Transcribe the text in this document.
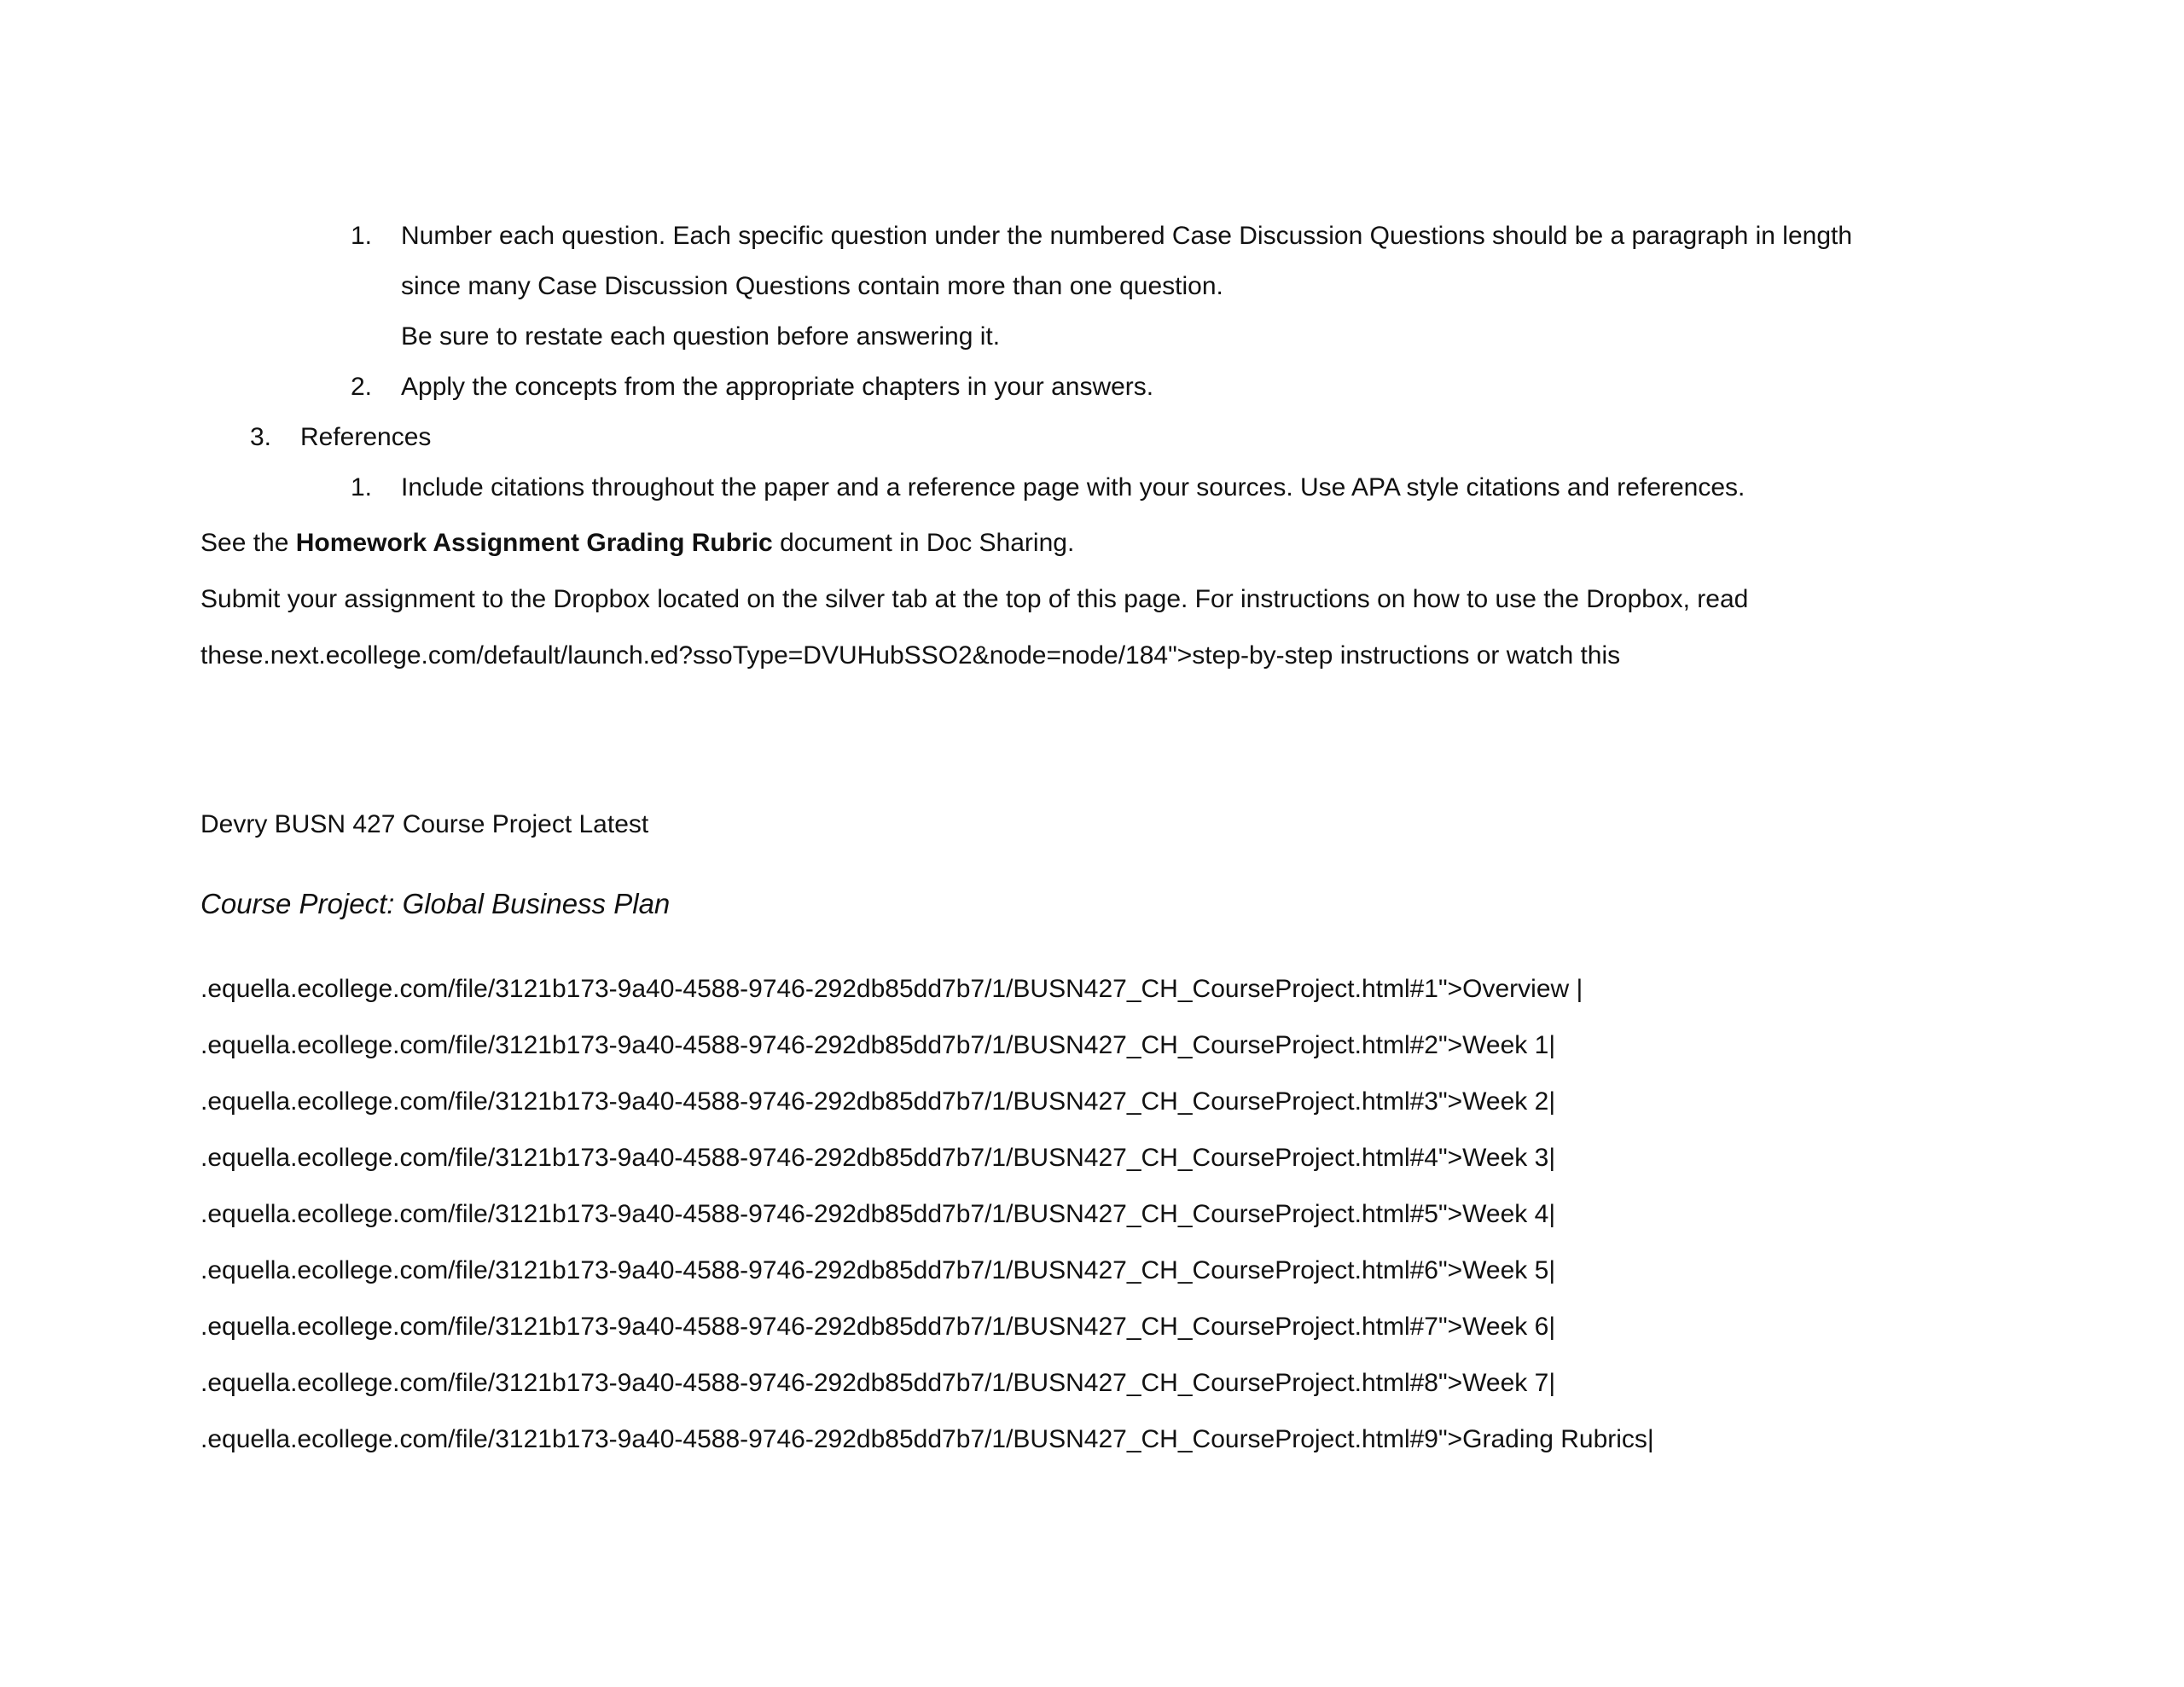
1. Number each question. Each specific question under the numbered Case Discussion Questions should be a paragraph in length
since many Case Discussion Questions contain more than one question.
Be sure to restate each question before answering it.
2. Apply the concepts from the appropriate chapters in your answers.
3. References
1. Include citations throughout the paper and a reference page with your sources. Use APA style citations and references.
See the Homework Assignment Grading Rubric document in Doc Sharing.
Submit your assignment to the Dropbox located on the silver tab at the top of this page. For instructions on how to use the Dropbox, read
these.next.ecollege.com/default/launch.ed?ssoType=DVUHubSSO2&node=node/184">step-by-step instructions or watch this
Devry BUSN 427 Course Project Latest
Course Project: Global Business Plan
.equella.ecollege.com/file/3121b173-9a40-4588-9746-292db85dd7b7/1/BUSN427_CH_CourseProject.html#1">Overview |
.equella.ecollege.com/file/3121b173-9a40-4588-9746-292db85dd7b7/1/BUSN427_CH_CourseProject.html#2">Week 1|
.equella.ecollege.com/file/3121b173-9a40-4588-9746-292db85dd7b7/1/BUSN427_CH_CourseProject.html#3">Week 2|
.equella.ecollege.com/file/3121b173-9a40-4588-9746-292db85dd7b7/1/BUSN427_CH_CourseProject.html#4">Week 3|
.equella.ecollege.com/file/3121b173-9a40-4588-9746-292db85dd7b7/1/BUSN427_CH_CourseProject.html#5">Week 4|
.equella.ecollege.com/file/3121b173-9a40-4588-9746-292db85dd7b7/1/BUSN427_CH_CourseProject.html#6">Week 5|
.equella.ecollege.com/file/3121b173-9a40-4588-9746-292db85dd7b7/1/BUSN427_CH_CourseProject.html#7">Week 6|
.equella.ecollege.com/file/3121b173-9a40-4588-9746-292db85dd7b7/1/BUSN427_CH_CourseProject.html#8">Week 7|
.equella.ecollege.com/file/3121b173-9a40-4588-9746-292db85dd7b7/1/BUSN427_CH_CourseProject.html#9">Grading Rubrics|
